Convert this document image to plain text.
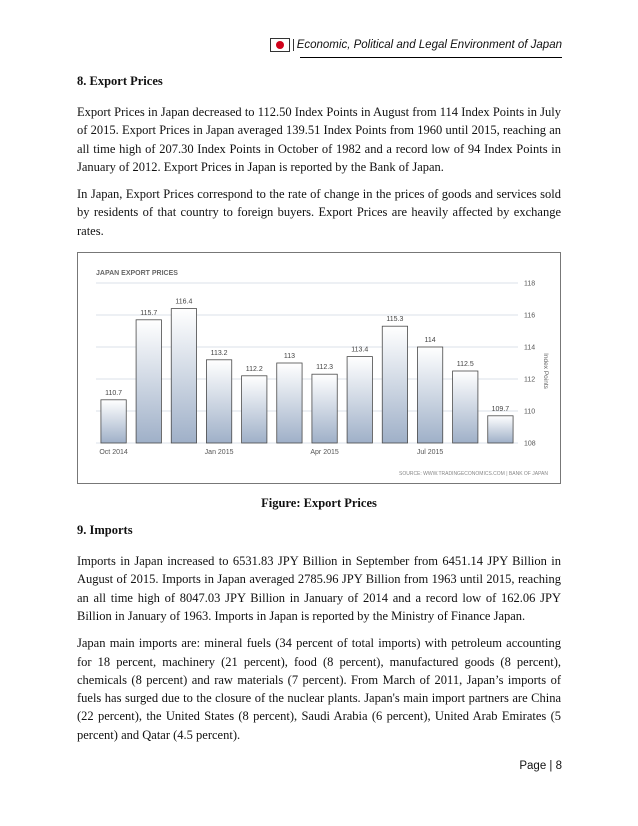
Economic, Political and Legal Environment of Japan
8. Export Prices

Export Prices in Japan decreased to 112.50 Index Points in August from 114 Index Points in July of 2015. Export Prices in Japan averaged 139.51 Index Points from 1960 until 2015, reaching an all time high of 207.30 Index Points in October of 1982 and a record low of 94 Index Points in January of 2012. Export Prices in Japan is reported by the Bank of Japan.

In Japan, Export Prices correspond to the rate of change in the prices of goods and services sold by residents of that country to foreign buyers. Export Prices are heavily affected by exchange rates.

JAPAN EXPORT PRICES
110.7
115.7
116.4
113.2
112.2
113
112.3
113.4
115.3
114
112.5
109.7
108
110
112
114
116
118
Oct 2014	Jan 2015	Apr 2015	Jul 2015
Index Points
SOURCE: WWW.TRADINGECONOMICS.COM | BANK OF JAPAN
Figure: Export Prices
9. Imports

Imports in Japan increased to 6531.83 JPY Billion in September from 6451.14 JPY Billion in August of 2015. Imports in Japan averaged 2785.96 JPY Billion from 1963 until 2015, reaching an all time high of 8047.03 JPY Billion in January of 2014 and a record low of 162.06 JPY Billion in January of 1963. Imports in Japan is reported by the Ministry of Finance Japan.

Japan main imports are: mineral fuels (34 percent of total imports) with petroleum accounting for 18 percent, machinery (21 percent), food (8 percent), manufactured goods (8 percent), chemicals (8 percent) and raw materials (7 percent). From March of 2011, Japan’s imports of fuels has surged due to the closure of the nuclear plants. Japan's main import partners are China (22 percent), the United States (8 percent), Saudi Arabia (6 percent), United Arab Emirates (5 percent) and Qatar (4.5 percent).

Page | 8
